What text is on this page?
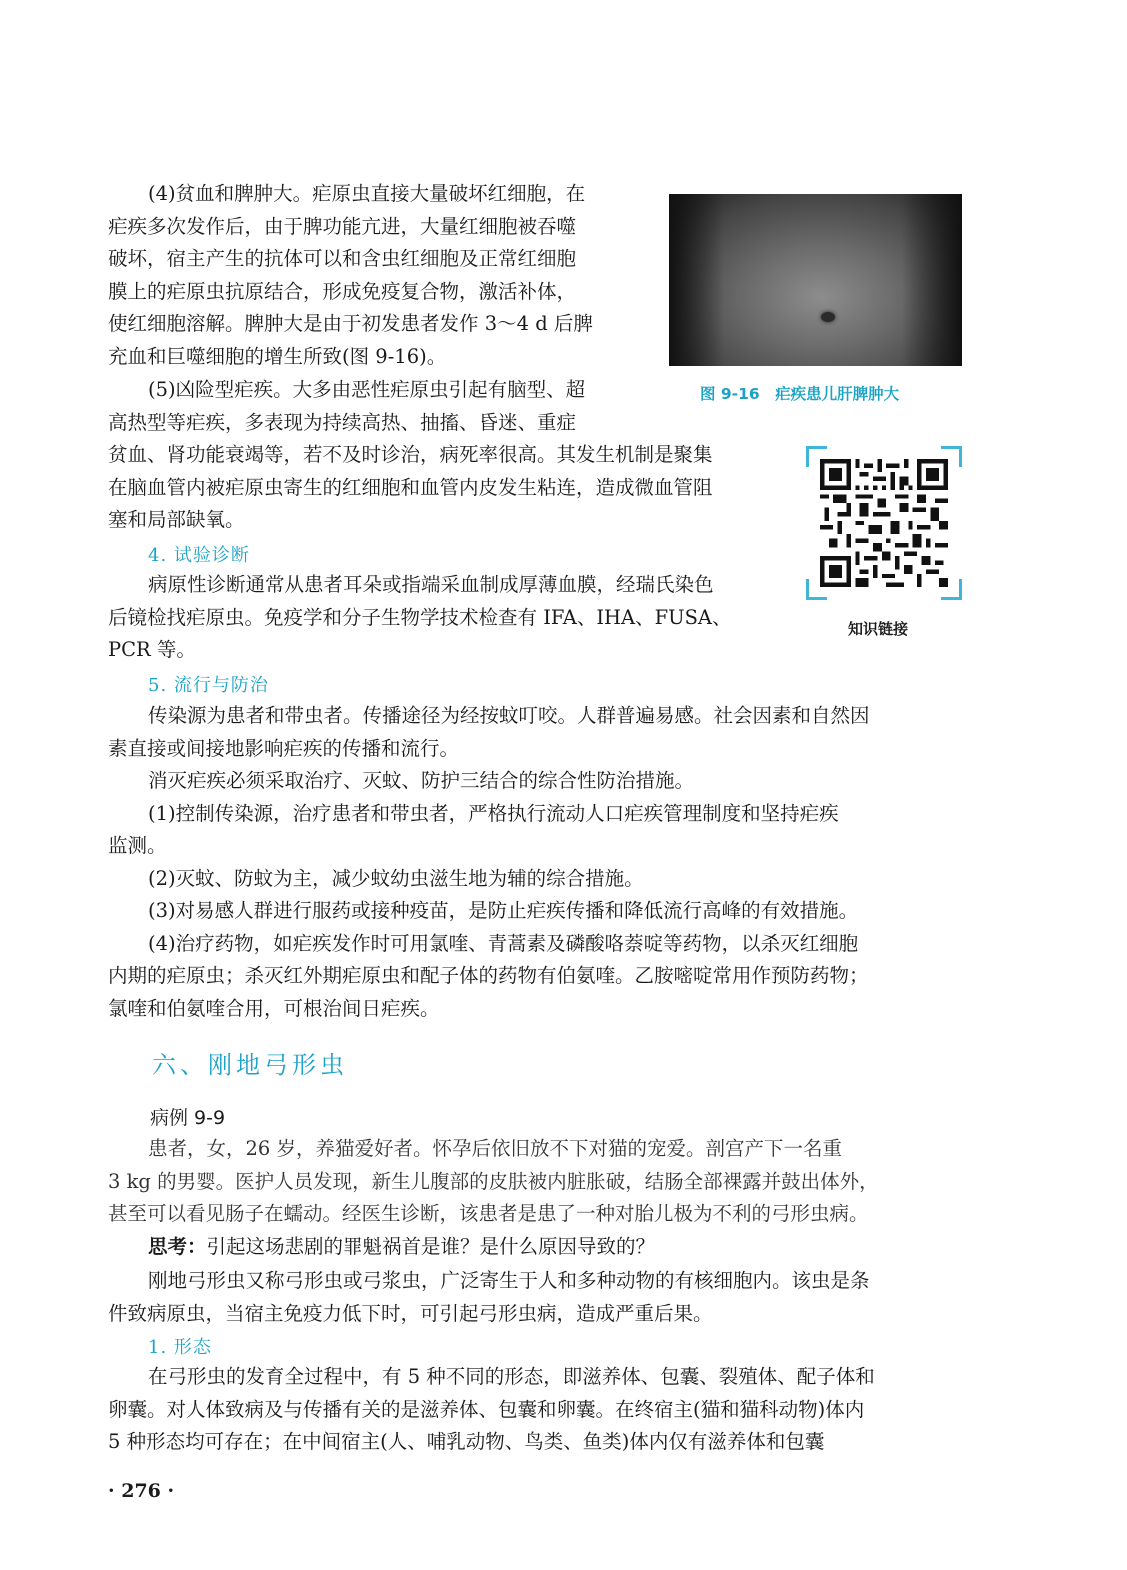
(4)贫血和脾肿大。疟原虫直接大量破坏红细胞，在
疟疾多次发作后，由于脾功能亢进，大量红细胞被吞噬
破坏，宿主产生的抗体可以和含虫红细胞及正常红细胞
膜上的疟原虫抗原结合，形成免疫复合物，激活补体，
使红细胞溶解。脾肿大是由于初发患者发作 3～4 d 后脾
充血和巨噬细胞的增生所致(图 9-16)。
图 9-16　疟疾患儿肝脾肿大
(5)凶险型疟疾。大多由恶性疟原虫引起有脑型、超
高热型等疟疾，多表现为持续高热、抽搐、昏迷、重症
贫血、肾功能衰竭等，若不及时诊治，病死率很高。其发生机制是聚集
在脑血管内被疟原虫寄生的红细胞和血管内皮发生粘连，造成微血管阻
塞和局部缺氧。
知识链接
4. 试验诊断
病原性诊断通常从患者耳朵或指端采血制成厚薄血膜，经瑞氏染色
后镜检找疟原虫。免疫学和分子生物学技术检查有 IFA、IHA、FUSA、
PCR 等。
5. 流行与防治
传染源为患者和带虫者。传播途径为经按蚊叮咬。人群普遍易感。社会因素和自然因
素直接或间接地影响疟疾的传播和流行。
消灭疟疾必须采取治疗、灭蚊、防护三结合的综合性防治措施。
(1)控制传染源，治疗患者和带虫者，严格执行流动人口疟疾管理制度和坚持疟疾
监测。
(2)灭蚊、防蚊为主，减少蚊幼虫滋生地为辅的综合措施。
(3)对易感人群进行服药或接种疫苗，是防止疟疾传播和降低流行高峰的有效措施。
(4)治疗药物，如疟疾发作时可用氯喹、青蒿素及磷酸咯萘啶等药物，以杀灭红细胞
内期的疟原虫；杀灭红外期疟原虫和配子体的药物有伯氨喹。乙胺嘧啶常用作预防药物；
氯喹和伯氨喹合用，可根治间日疟疾。
六、刚地弓形虫
病例 9-9
患者，女，26 岁，养猫爱好者。怀孕后依旧放不下对猫的宠爱。剖宫产下一名重
3 kg 的男婴。医护人员发现，新生儿腹部的皮肤被内脏胀破，结肠全部裸露并鼓出体外，
甚至可以看见肠子在蠕动。经医生诊断，该患者是患了一种对胎儿极为不利的弓形虫病。
思考：引起这场悲剧的罪魁祸首是谁？是什么原因导致的？
刚地弓形虫又称弓形虫或弓浆虫，广泛寄生于人和多种动物的有核细胞内。该虫是条
件致病原虫，当宿主免疫力低下时，可引起弓形虫病，造成严重后果。
1. 形态
在弓形虫的发育全过程中，有 5 种不同的形态，即滋养体、包囊、裂殖体、配子体和
卵囊。对人体致病及与传播有关的是滋养体、包囊和卵囊。在终宿主(猫和猫科动物)体内
5 种形态均可存在；在中间宿主(人、哺乳动物、鸟类、鱼类)体内仅有滋养体和包囊
· 276 ·
